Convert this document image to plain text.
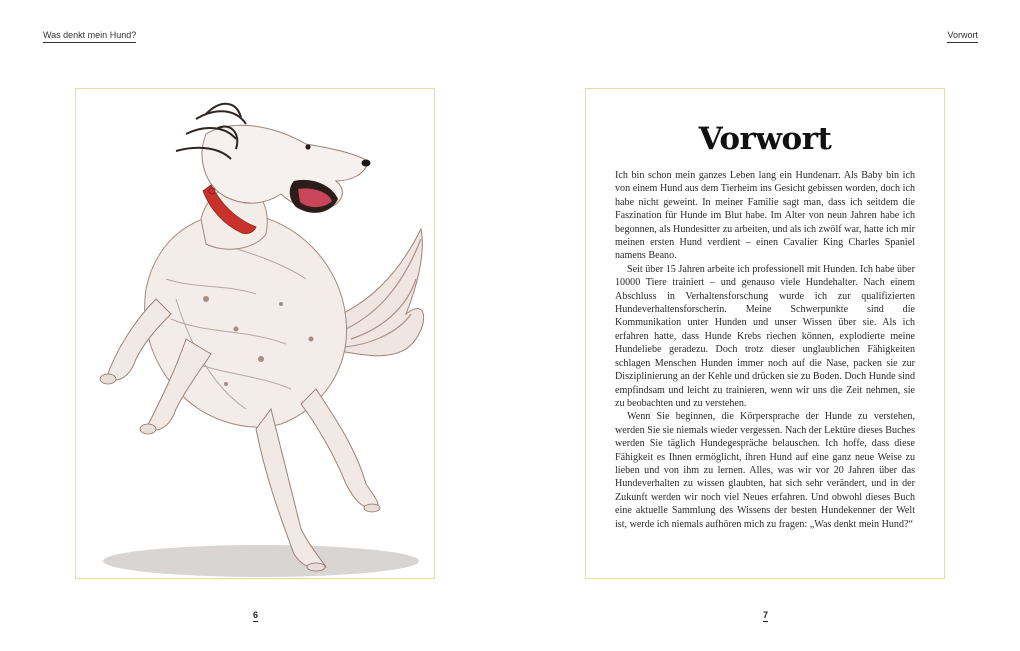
Was denkt mein Hund?	Vorwort
Vorwort

Ich bin schon mein ganzes Leben lang ein Hundenarr. Als Baby bin ich von einem Hund aus dem Tierheim ins Gesicht gebissen worden, doch ich habe nicht geweint. In meiner Familie sagt man, dass ich seitdem die Faszination für Hunde im Blut habe. Im Alter von neun Jahren habe ich begonnen, als Hundesitter zu arbeiten, und als ich zwölf war, hatte ich mir meinen ersten Hund verdient – einen Cavalier King Charles Spaniel namens Beano.

Seit über 15 Jahren arbeite ich professionell mit Hunden. Ich habe über 10000 Tiere trainiert – und genauso viele Hundehalter. Nach einem Abschluss in Verhaltensforschung wurde ich zur qualifizierten Hundeverhaltensforscherin. Meine Schwerpunkte sind die Kommunikation unter Hunden und unser Wissen über sie. Als ich erfahren hatte, dass Hunde Krebs riechen können, explodierte meine Hundeliebe geradezu. Doch trotz dieser unglaublichen Fähigkeiten schlagen Menschen Hunden immer noch auf die Nase, packen sie zur Disziplinierung an der Kehle und drücken sie zu Boden. Doch Hunde sind empfindsam und leicht zu trainieren, wenn wir uns die Zeit nehmen, sie zu beobachten und zu verstehen.

Wenn Sie beginnen, die Körpersprache der Hunde zu verstehen, werden Sie sie niemals wieder vergessen. Nach der Lektüre dieses Buches werden Sie täglich Hundegespräche belauschen. Ich hoffe, dass diese Fähigkeit es Ihnen ermöglicht, ihren Hund auf eine ganz neue Weise zu lieben und von ihm zu lernen. Alles, was wir vor 20 Jahren über das Hundeverhalten zu wissen glaubten, hat sich sehr verändert, und in der Zukunft werden wir noch viel Neues erfahren. Und obwohl dieses Buch eine aktuelle Sammlung des Wissens der besten Hundekenner der Welt ist, werde ich niemals aufhören mich zu fragen: „Was denkt mein Hund?“

6	7
